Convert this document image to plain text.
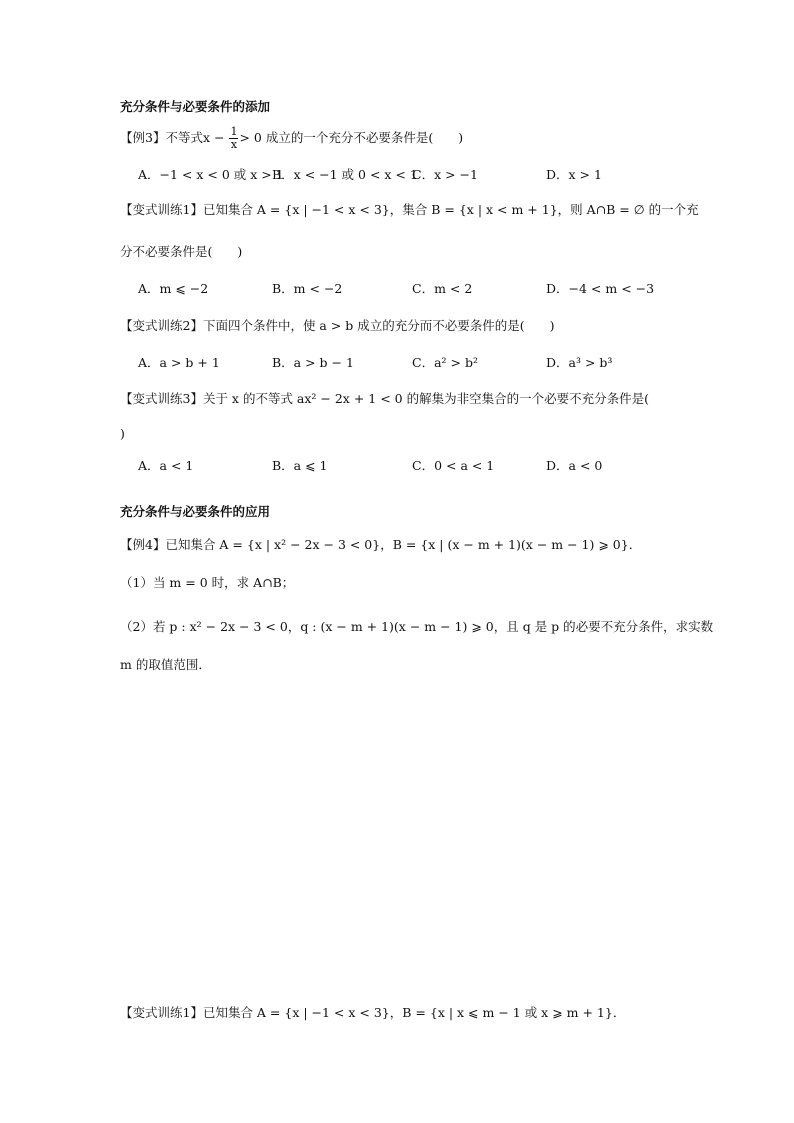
充分条件与必要条件的添加
【例3】不等式$x - \frac{1}{x} > 0$ 成立的一个充分不必要条件是(　　)
A．−1 < x < 0 或 x > 1
B．x < −1 或 0 < x < 1
C．x > −1	D．x > 1
【变式训练1】已知集合 A = {x | −1 < x < 3}，集合 B = {x | x < m + 1}，则 A∩B = ∅ 的一个充
分不必要条件是(　　)
A．m ⩽ −2	B．m < −2	C．m < 2	D．−4 < m < −3
【变式训练2】下面四个条件中，使 a > b 成立的充分而不必要条件的是(　　)
A．a > b + 1	B．a > b − 1	C．a² > b²	D．a³ > b³
【变式训练3】关于 x 的不等式 ax² − 2x + 1 < 0 的解集为非空集合的一个必要不充分条件是(
)
A．a < 1	B．a ⩽ 1	C．0 < a < 1	D．a < 0
充分条件与必要条件的应用
【例4】已知集合 A = {x | x² − 2x − 3 < 0}，B = {x | (x − m + 1)(x − m − 1) ⩾ 0}．
（1）当 m = 0 时，求 A∩B；
（2）若 p : x² − 2x − 3 < 0，q : (x − m + 1)(x − m − 1) ⩾ 0，且 q 是 p 的必要不充分条件，求实数
m 的取值范围．
【变式训练1】已知集合 A = {x | −1 < x < 3}，B = {x | x ⩽ m − 1 或 x ⩾ m + 1}．
